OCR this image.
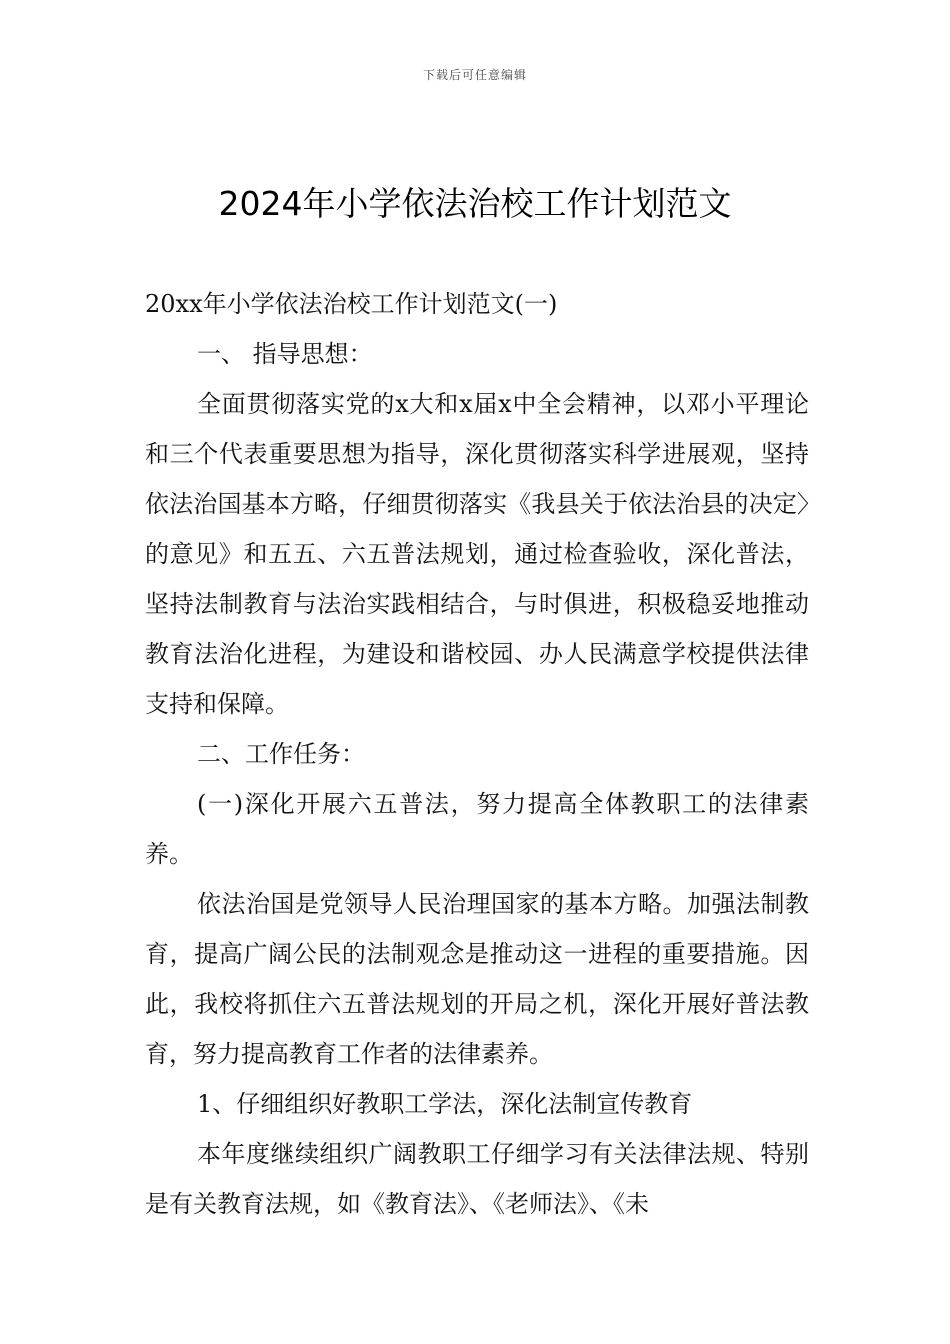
下载后可任意编辑
2024年小学依法治校工作计划范文

20xx年小学依法治校工作计划范文(一)

一、 指导思想：

全面贯彻落实党的x大和x届x中全会精神，以邓小平理论和三个代表重要思想为指导，深化贯彻落实科学进展观，坚持依法治国基本方略，仔细贯彻落实《我县关于依法治县的决定〉的意见》和五五、六五普法规划，通过检查验收，深化普法，坚持法制教育与法治实践相结合，与时俱进，积极稳妥地推动教育法治化进程，为建设和谐校园、办人民满意学校提供法律支持和保障。

二、工作任务：

(一)深化开展六五普法，努力提高全体教职工的法律素养。

依法治国是党领导人民治理国家的基本方略。加强法制教育，提高广阔公民的法制观念是推动这一进程的重要措施。因此，我校将抓住六五普法规划的开局之机，深化开展好普法教育，努力提高教育工作者的法律素养。

1、仔细组织好教职工学法，深化法制宣传教育

本年度继续组织广阔教职工仔细学习有关法律法规、特别是有关教育法规，如《教育法》、《老师法》、《未
